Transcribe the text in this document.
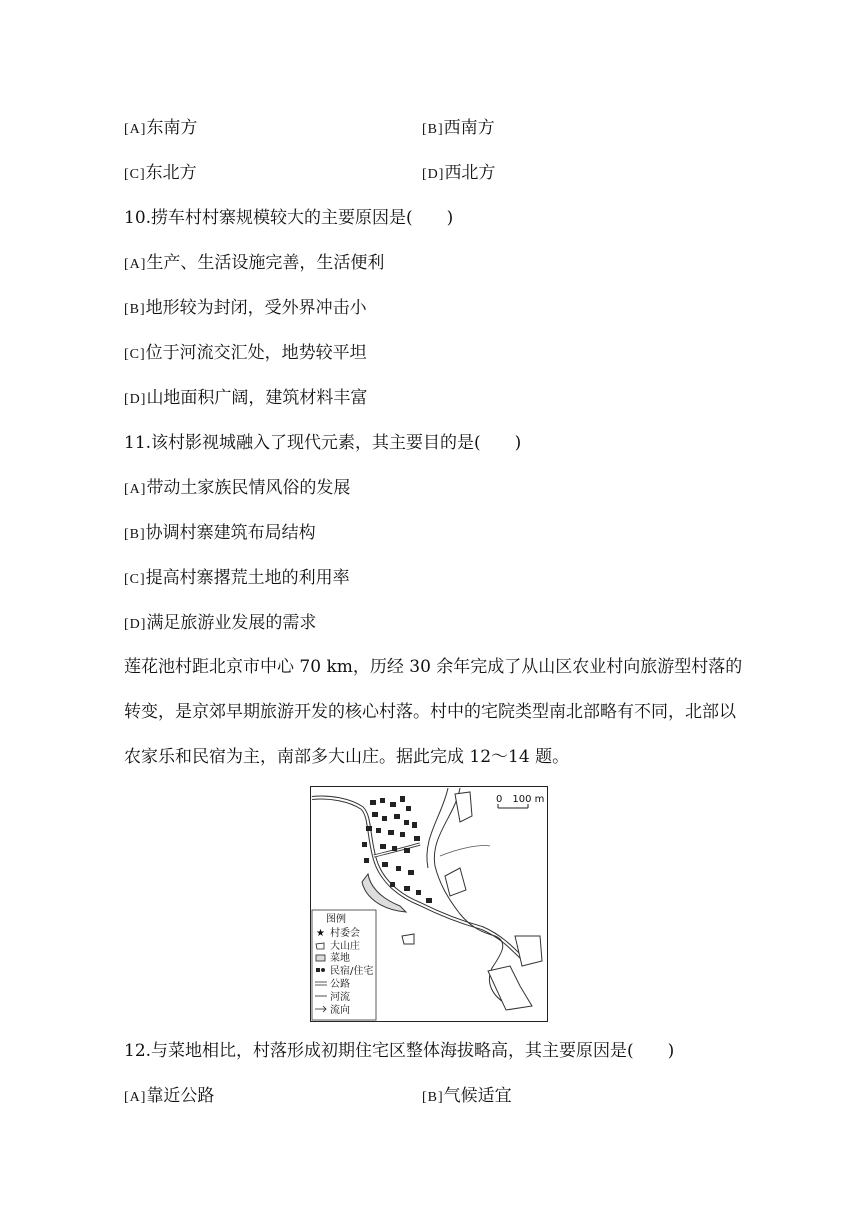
[A]东南方	[B]西南方
[C]东北方	[D]西北方
10.捞车村村寨规模较大的主要原因是(　　)
[A]生产、生活设施完善，生活便利
[B]地形较为封闭，受外界冲击小
[C]位于河流交汇处，地势较平坦
[D]山地面积广阔，建筑材料丰富
11.该村影视城融入了现代元素，其主要目的是(　　)
[A]带动土家族民情风俗的发展
[B]协调村寨建筑布局结构
[C]提高村寨撂荒土地的利用率
[D]满足旅游业发展的需求
莲花池村距北京市中心 70 km，历经 30 余年完成了从山区农业村向旅游型村落的转变，是京郊早期旅游开发的核心村落。村中的宅院类型南北部略有不同，北部以农家乐和民宿为主，南部多大山庄。据此完成 12～14 题。
0　100 m
图例
★ 村委会
大山庄
菜地
民宿/住宅
公路
河流
流向
12.与菜地相比，村落形成初期住宅区整体海拔略高，其主要原因是(　　)
[A]靠近公路	[B]气候适宜
